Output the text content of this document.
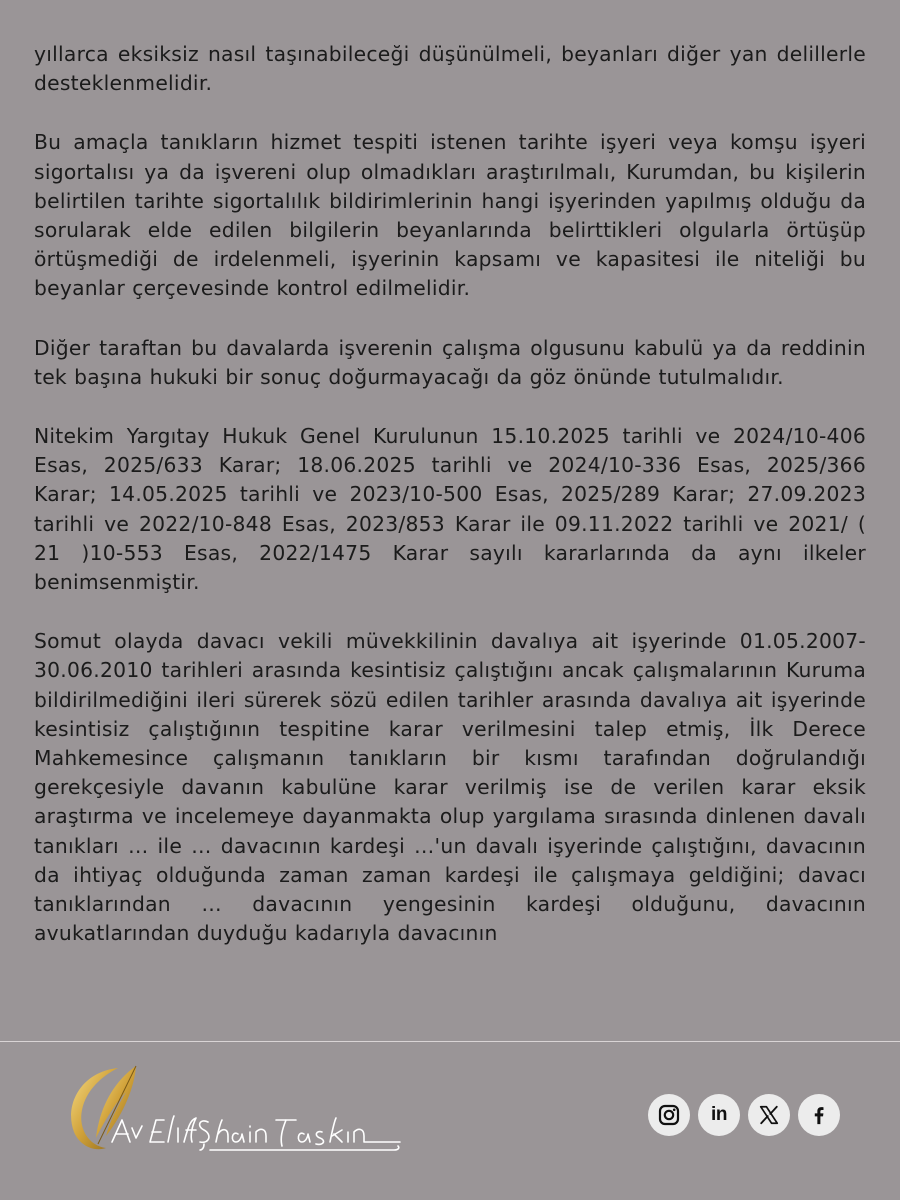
yıllarca eksiksiz nasıl taşınabileceği düşünülmeli, beyanları diğer yan delillerle desteklenmelidir.

Bu amaçla tanıkların hizmet tespiti istenen tarihte işyeri veya komşu işyeri sigortalısı ya da işvereni olup olmadıkları araştırılmalı, Kurumdan, bu kişilerin belirtilen tarihte sigortalılık bildirimlerinin hangi işyerinden yapılmış olduğu da sorularak elde edilen bilgilerin beyanlarında belirttikleri olgularla örtüşüp örtüşmediği de irdelenmeli, işyerinin kapsamı ve kapasitesi ile niteliği bu beyanlar çerçevesinde kontrol edilmelidir.

Diğer taraftan bu davalarda işverenin çalışma olgusunu kabulü ya da reddinin tek başına hukuki bir sonuç doğurmayacağı da göz önünde tutulmalıdır.

Nitekim Yargıtay Hukuk Genel Kurulunun 15.10.2025 tarihli ve 2024/10-406 Esas, 2025/633 Karar; 18.06.2025 tarihli ve 2024/10-336 Esas, 2025/366 Karar; 14.05.2025 tarihli ve 2023/10-500 Esas, 2025/289 Karar; 27.09.2023 tarihli ve 2022/10-848 Esas, 2023/853 Karar ile 09.11.2022 tarihli ve 2021/ ( 21 )10-553 Esas, 2022/1475 Karar sayılı kararlarında da aynı ilkeler benimsenmiştir.

Somut olayda davacı vekili müvekkilinin davalıya ait işyerinde 01.05.2007-30.06.2010 tarihleri arasında kesintisiz çalıştığını ancak çalışmalarının Kuruma bildirilmediğini ileri sürerek sözü edilen tarihler arasında davalıya ait işyerinde kesintisiz çalıştığının tespitine karar verilmesini talep etmiş, İlk Derece Mahkemesince çalışmanın tanıkların bir kısmı tarafından doğrulandığı gerekçesiyle davanın kabulüne karar verilmiş ise de verilen karar eksik araştırma ve incelemeye dayanmakta olup yargılama sırasında dinlenen davalı tanıkları … ile … davacının kardeşi …'un davalı işyerinde çalıştığını, davacının da ihtiyaç olduğunda zaman zaman kardeşi ile çalışmaya geldiğini; davacı tanıklarından … davacının yengesinin kardeşi olduğunu, davacının avukatlarından duyduğu kadarıyla davacının

in
